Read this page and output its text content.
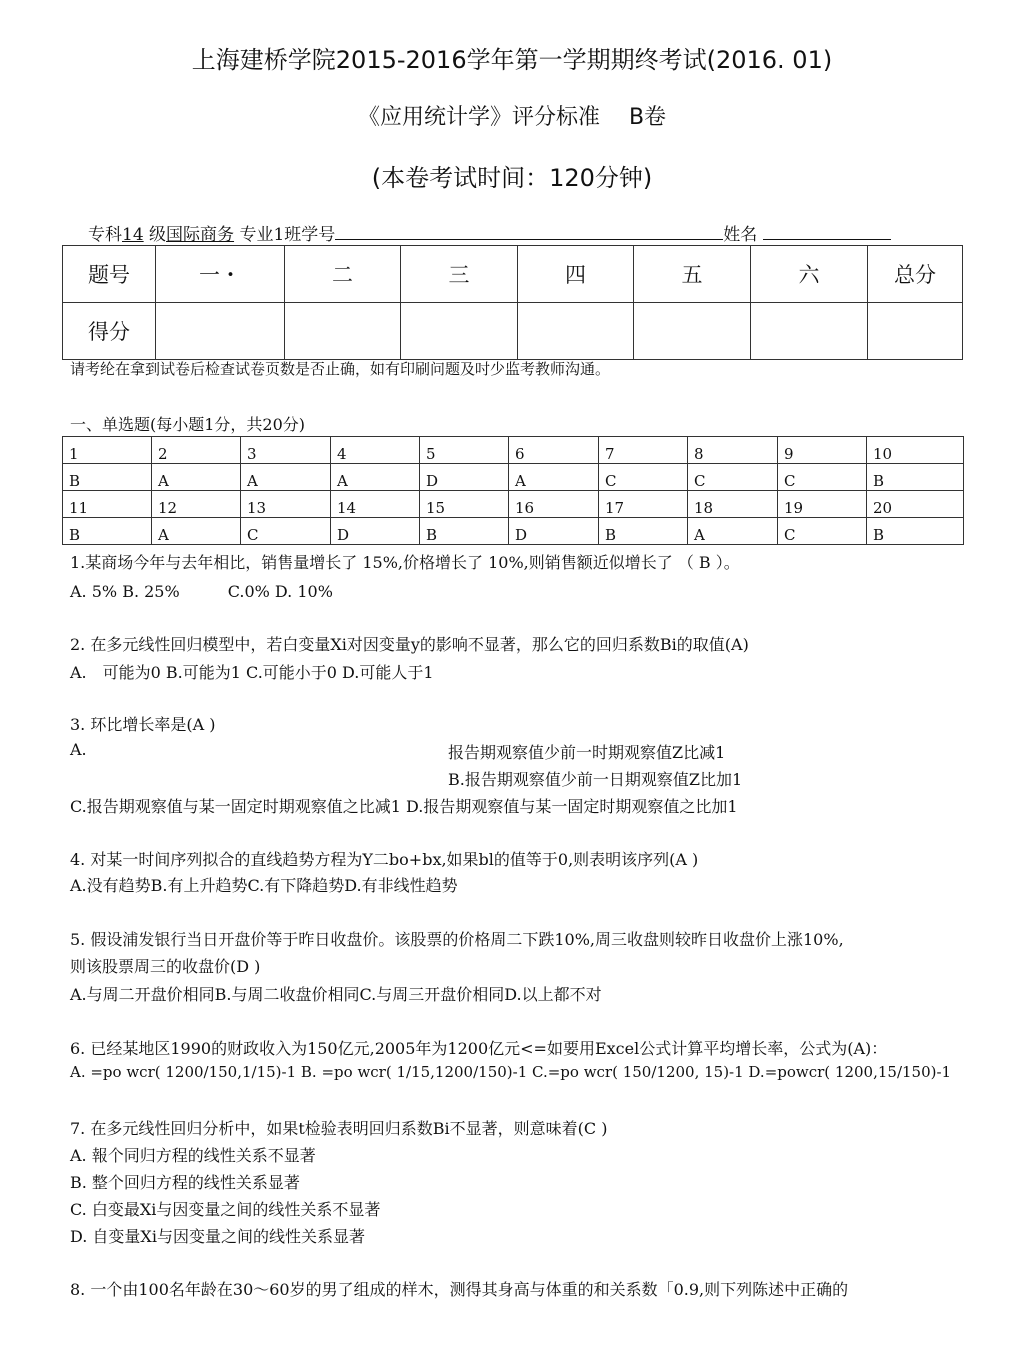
上海建桥学院2015-2016学年第一学期期终考试(2016. 01)
《应用统计学》评分标准　 B卷
(本卷考试时间：120分钟)
专科14 级国际商务 专业1班学号	姓名
题号	一・	二	三	四	五	六	总分
得分							
请考纶在拿到试卷后检查试卷页数是否止确，如有印刷问题及吋少监考教师沟通。
一、单选题(每小题1分，共20分)
1	2	3	4	5	6	7	8	9	10
B	A	A	A	D	A	C	C	C	B
11	12	13	14	15	16	17	18	19	20
B	A	C	D	B	D	B	A	C	B
1.某商场今年与去年相比，销售量增长了 15%,价格增长了 10%,则销售额近似增长了 （ B ）。
A. 5% B. 25%　　　C.0% D. 10%
2. 在多元线性回归模型中，若白变量Xi对因变量y的影响不显著，那么它的回归系数Bi的取值(A)
A.　可能为0 B.可能为1 C.可能小于0 D.可能人于1
3. 环比增长率是(A )
A.	报告期观察值少前一时期观察值Z比减1
B.报告期观察值少前一日期观察值Z比加1
C.报告期观察值与某一固定时期观察值之比减1 D.报告期观察值与某一固定时期观察值之比加1
4. 对某一时间序列拟合的直线趋势方程为Y二bo+bx,如果bl的值等于0,则表明该序列(A )
A.没有趋势B.有上升趋势C.有下降趋势D.有非线性趋势
5. 假设浦发银行当日开盘价等于昨日收盘价。该股票的价格周二下跌10%,周三收盘则较昨日收盘价上涨10%,
则该股票周三的收盘价(D )
A.与周二开盘价相同B.与周二收盘价相同C.与周三开盘价相同D.以上都不对
6. 已经某地区1990的财政收入为150亿元,2005年为1200亿元<=如要用Excel公式计算平均增长率，公式为(A)：
A. =po wcr( 1200/150,1/15)-1 B. =po wcr( 1/15,1200/150)-1 C.=po wcr( 150/1200, 15)-1 D.=powcr( 1200,15/150)-1
7. 在多元线性回归分析中，如果t检验表明回归系数Bi不显著，则意味着(C )
A. 報个同归方程的线性关系不显著
B. 整个回归方程的线性关系显著
C. 白变最Xi与因变量之间的线性关系不显著
D. 自变量Xi与因变量之间的线性关系显著
8. 一个由100名年龄在30～60岁的男了组成的样木，测得其身高与体重的和关系数「0.9,则下列陈述中正确的
